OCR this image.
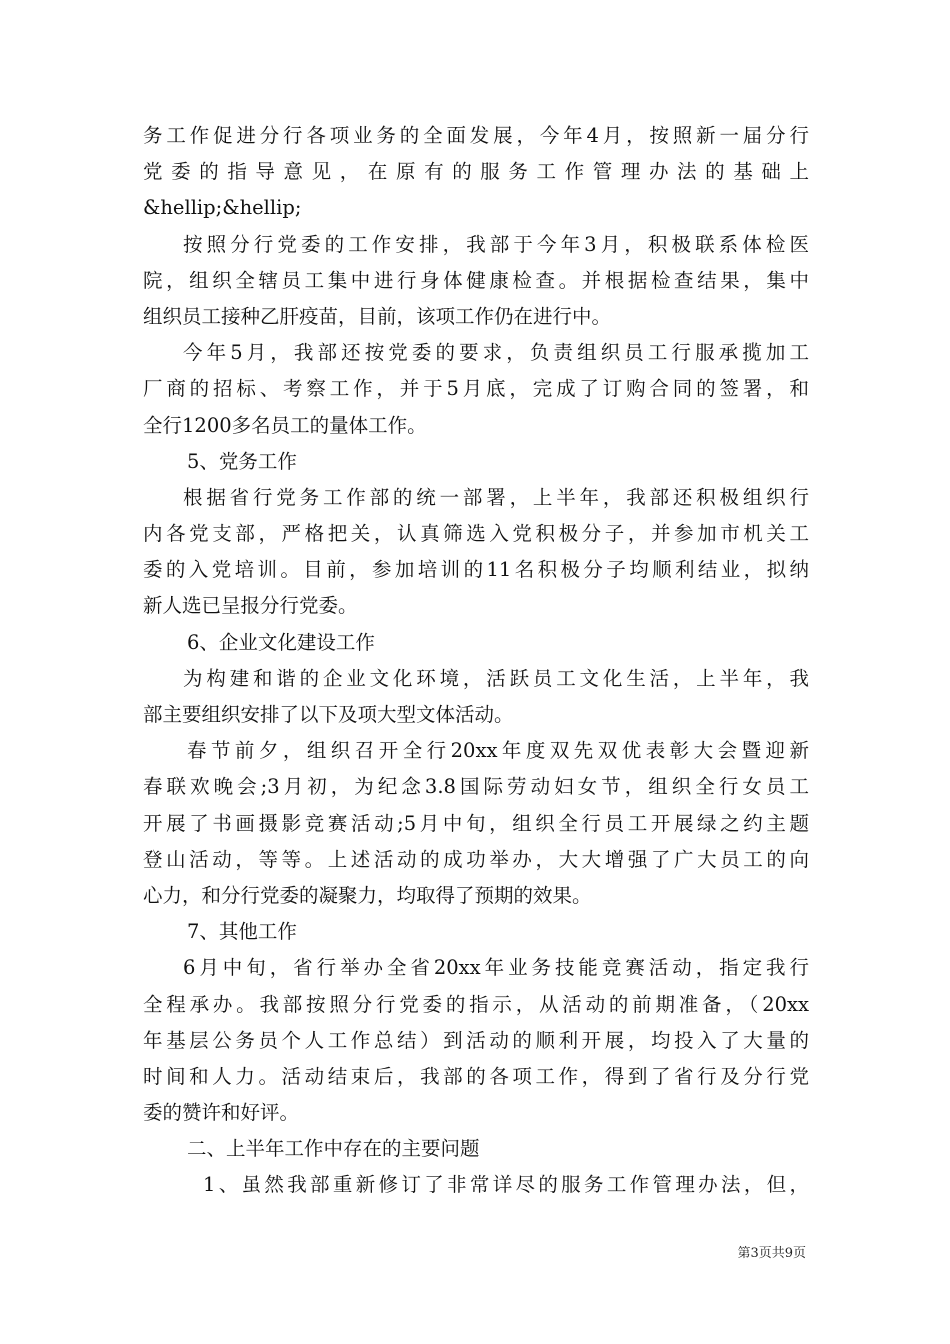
务工作促进分行各项业务的全面发展，今年4月，按照新一届分行
党委的指导意见，在原有的服务工作管理办法的基础上
&hellip;&hellip;
按照分行党委的工作安排，我部于今年3月，积极联系体检医
院，组织全辖员工集中进行身体健康检查。并根据检查结果，集中
组织员工接种乙肝疫苗，目前，该项工作仍在进行中。
今年5月，我部还按党委的要求，负责组织员工行服承揽加工
厂商的招标、考察工作，并于5月底，完成了订购合同的签署，和
全行1200多名员工的量体工作。
5、党务工作
根据省行党务工作部的统一部署，上半年，我部还积极组织行
内各党支部，严格把关，认真筛选入党积极分子，并参加市机关工
委的入党培训。目前，参加培训的11名积极分子均顺利结业，拟纳
新人选已呈报分行党委。
6、企业文化建设工作
为构建和谐的企业文化环境，活跃员工文化生活，上半年，我
部主要组织安排了以下及项大型文体活动。
春节前夕，组织召开全行20xx年度双先双优表彰大会暨迎新
春联欢晚会;3月初，为纪念3.8国际劳动妇女节，组织全行女员工
开展了书画摄影竞赛活动;5月中旬，组织全行员工开展绿之约主题
登山活动，等等。上述活动的成功举办，大大增强了广大员工的向
心力，和分行党委的凝聚力，均取得了预期的效果。
7、其他工作
6月中旬，省行举办全省20xx年业务技能竞赛活动，指定我行
全程承办。我部按照分行党委的指示，从活动的前期准备，（20xx
年基层公务员个人工作总结）到活动的顺利开展，均投入了大量的
时间和人力。活动结束后，我部的各项工作，得到了省行及分行党
委的赞许和好评。
二、上半年工作中存在的主要问题
1、虽然我部重新修订了非常详尽的服务工作管理办法，但，
第3页共9页
